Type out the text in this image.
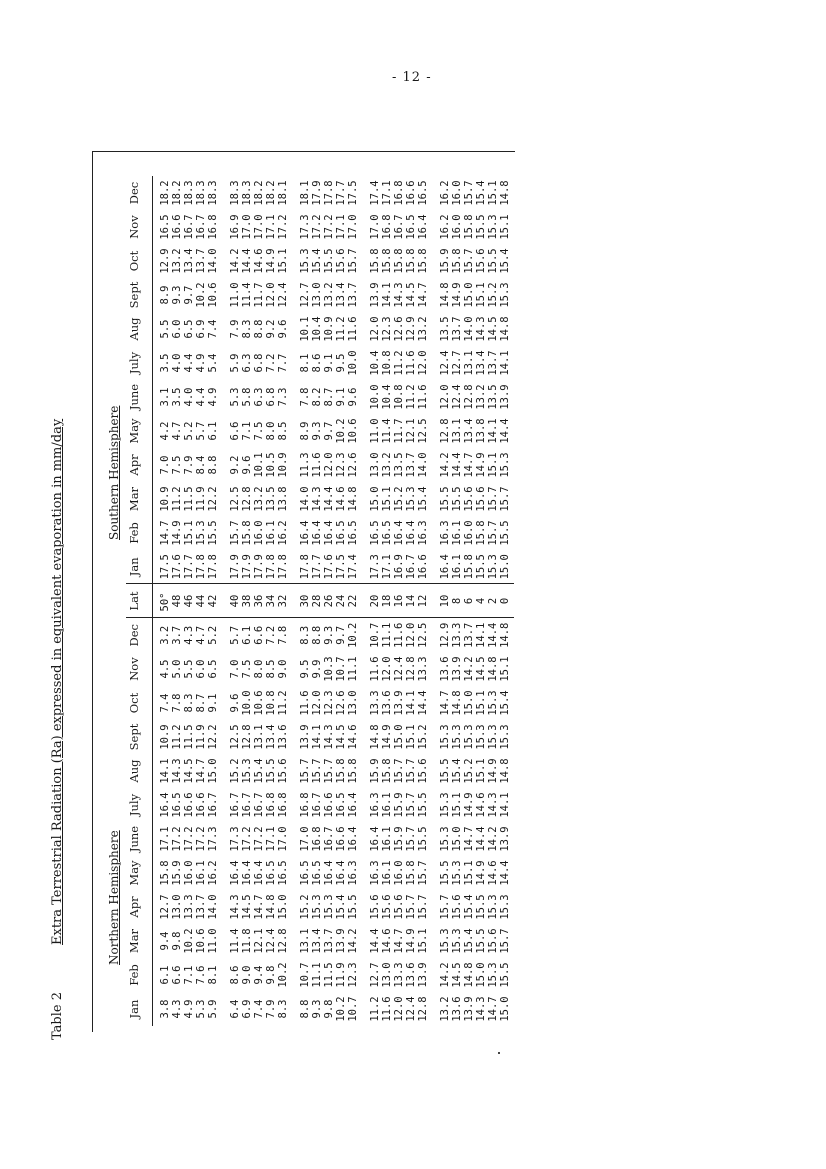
- 12 -
Table 2Extra Terrestrial Radiation (Ra) expressed in equivalent evaporation in mm/day	Northern Hemisphere
Southern Hemisphere
Jan	Feb	Mar	Apr	May	June	July	Aug	Sept	Oct	Nov	Dec	Lat	Jan	Feb	Mar	Apr	May	June	July	Aug	Sept	Oct	Nov	Dec
3.8	6.1	9.4	12.7	15.8	17.1	16.4	14.1	10.9	7.4	4.5	3.2	50°	17.5	14.7	10.9	7.0	4.2	3.1	3.5	5.5	8.9	12.9	16.5	18.2
4.3	6.6	9.8	13.0	15.9	17.2	16.5	14.3	11.2	7.8	5.0	3.7	48	17.6	14.9	11.2	7.5	4.7	3.5	4.0	6.0	9.3	13.2	16.6	18.2
4.9	7.1	10.2	13.3	16.0	17.2	16.6	14.5	11.5	8.3	5.5	4.3	46	17.7	15.1	11.5	7.9	5.2	4.0	4.4	6.5	9.7	13.4	16.7	18.3
5.3	7.6	10.6	13.7	16.1	17.2	16.6	14.7	11.9	8.7	6.0	4.7	44	17.8	15.3	11.9	8.4	5.7	4.4	4.9	6.9	10.2	13.7	16.7	18.3
5.9	8.1	11.0	14.0	16.2	17.3	16.7	15.0	12.2	9.1	6.5	5.2	42	17.8	15.5	12.2	8.8	6.1	4.9	5.4	7.4	10.6	14.0	16.8	18.3

6.4	8.6	11.4	14.3	16.4	17.3	16.7	15.2	12.5	9.6	7.0	5.7	40	17.9	15.7	12.5	9.2	6.6	5.3	5.9	7.9	11.0	14.2	16.9	18.3
6.9	9.0	11.8	14.5	16.4	17.2	16.7	15.3	12.8	10.0	7.5	6.1	38	17.9	15.8	12.8	9.6	7.1	5.8	6.3	8.3	11.4	14.4	17.0	18.3
7.4	9.4	12.1	14.7	16.4	17.2	16.7	15.4	13.1	10.6	8.0	6.6	36	17.9	16.0	13.2	10.1	7.5	6.3	6.8	8.8	11.7	14.6	17.0	18.2
7.9	9.8	12.4	14.8	16.5	17.1	16.8	15.5	13.4	10.8	8.5	7.2	34	17.8	16.1	13.5	10.5	8.0	6.8	7.2	9.2	12.0	14.9	17.1	18.2
8.3	10.2	12.8	15.0	16.5	17.0	16.8	15.6	13.6	11.2	9.0	7.8	32	17.8	16.2	13.8	10.9	8.5	7.3	7.7	9.6	12.4	15.1	17.2	18.1

8.8	10.7	13.1	15.2	16.5	17.0	16.8	15.7	13.9	11.6	9.5	8.3	30	17.8	16.4	14.0	11.3	8.9	7.8	8.1	10.1	12.7	15.3	17.3	18.1
9.3	11.1	13.4	15.3	16.5	16.8	16.7	15.7	14.1	12.0	9.9	8.8	28	17.7	16.4	14.3	11.6	9.3	8.2	8.6	10.4	13.0	15.4	17.2	17.9
9.8	11.5	13.7	15.3	16.4	16.7	16.6	15.7	14.3	12.3	10.3	9.3	26	17.6	16.4	14.4	12.0	9.7	8.7	9.1	10.9	13.2	15.5	17.2	17.8
10.2	11.9	13.9	15.4	16.4	16.6	16.5	15.8	14.5	12.6	10.7	9.7	24	17.5	16.5	14.6	12.3	10.2	9.1	9.5	11.2	13.4	15.6	17.1	17.7
10.7	12.3	14.2	15.5	16.3	16.4	16.4	15.8	14.6	13.0	11.1	10.2	22	17.4	16.5	14.8	12.6	10.6	9.6	10.0	11.6	13.7	15.7	17.0	17.5

11.2	12.7	14.4	15.6	16.3	16.4	16.3	15.9	14.8	13.3	11.6	10.7	20	17.3	16.5	15.0	13.0	11.0	10.0	10.4	12.0	13.9	15.8	17.0	17.4
11.6	13.0	14.6	15.6	16.1	16.1	16.1	15.8	14.9	13.6	12.0	11.1	18	17.1	16.5	15.1	13.2	11.4	10.4	10.8	12.3	14.1	15.8	16.8	17.1
12.0	13.3	14.7	15.6	16.0	15.9	15.9	15.7	15.0	13.9	12.4	11.6	16	16.9	16.4	15.2	13.5	11.7	10.8	11.2	12.6	14.3	15.8	16.7	16.8
12.4	13.6	14.9	15.7	15.8	15.7	15.7	15.7	15.1	14.1	12.8	12.0	14	16.7	16.4	15.3	13.7	12.1	11.2	11.6	12.9	14.5	15.8	16.5	16.6
12.8	13.9	15.1	15.7	15.7	15.5	15.5	15.6	15.2	14.4	13.3	12.5	12	16.6	16.3	15.4	14.0	12.5	11.6	12.0	13.2	14.7	15.8	16.4	16.5

13.2	14.2	15.3	15.7	15.5	15.3	15.3	15.5	15.3	14.7	13.6	12.9	10	16.4	16.3	15.5	14.2	12.8	12.0	12.4	13.5	14.8	15.9	16.2	16.2
13.6	14.5	15.3	15.6	15.3	15.0	15.1	15.4	15.3	14.8	13.9	13.3	8	16.1	16.1	15.5	14.4	13.1	12.4	12.7	13.7	14.9	15.8	16.0	16.0
13.9	14.8	15.4	15.4	15.1	14.7	14.9	15.2	15.3	15.0	14.2	13.7	6	15.8	16.0	15.6	14.7	13.4	12.8	13.1	14.0	15.0	15.7	15.8	15.7
14.3	15.0	15.5	15.5	14.9	14.4	14.6	15.1	15.3	15.1	14.5	14.1	4	15.5	15.8	15.6	14.9	13.8	13.2	13.4	14.3	15.1	15.6	15.5	15.4
14.7	15.3	15.6	15.3	14.6	14.2	14.3	14.9	15.3	15.3	14.8	14.4	2	15.3	15.7	15.7	15.1	14.1	13.5	13.7	14.5	15.2	15.5	15.3	15.1
15.0	15.5	15.7	15.3	14.4	13.9	14.1	14.8	15.3	15.4	15.1	14.8	0	15.0	15.5	15.7	15.3	14.4	13.9	14.1	14.8	15.3	15.4	15.1	14.8
